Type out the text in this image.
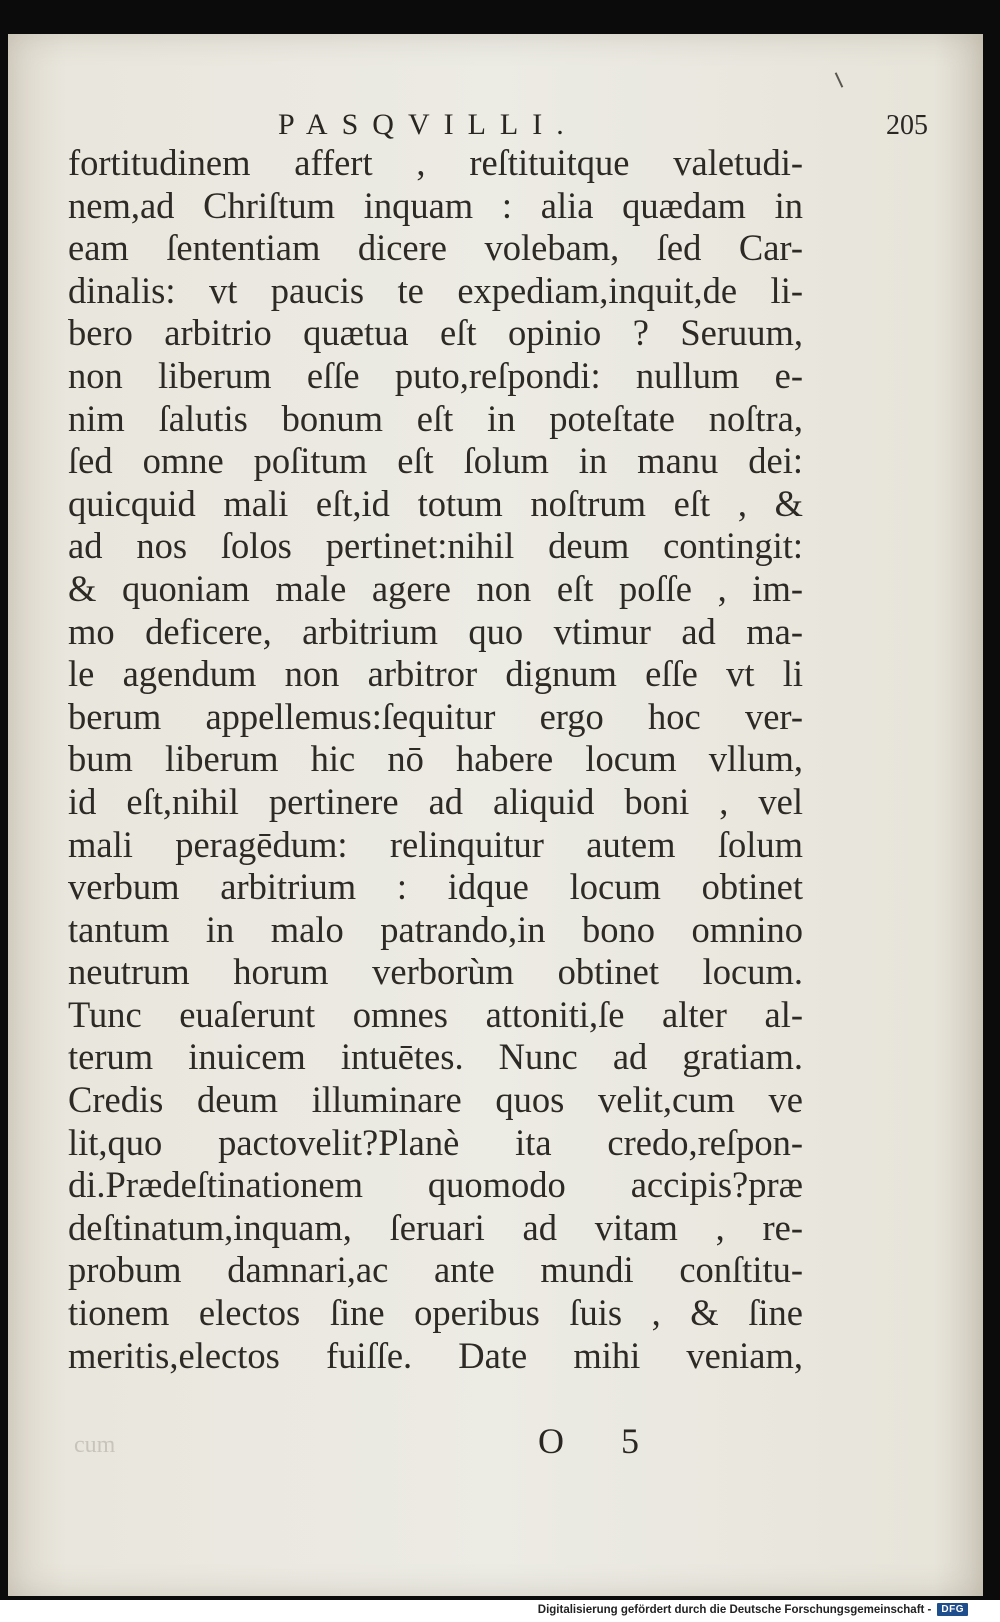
PASQVILLI.	205
fortitudinem affert , reſtituitque valetudi-
nem,ad Chriſtum inquam : alia quædam in
eam ſententiam dicere volebam, ſed Car-
dinalis: vt paucis te expediam,inquit,de li-
bero arbitrio quætua eſt opinio ? Seruum,
non liberum eſſe puto,reſpondi: nullum e-
nim ſalutis bonum eſt in poteſtate noſtra,
ſed omne poſitum eſt ſolum in manu dei:
quicquid mali eſt,id totum noſtrum eſt , &
ad nos ſolos pertinet:nihil deum contingit:
& quoniam male agere non eſt poſſe , im-
mo deficere, arbitrium quo vtimur ad ma-
le agendum non arbitror dignum eſſe vt li
berum appellemus:ſequitur ergo hoc ver-
bum liberum hic nō habere locum vllum,
id eſt,nihil pertinere ad aliquid boni , vel
mali peragēdum: relinquitur autem ſolum
verbum arbitrium : idque locum obtinet
tantum in malo patrando,in bono omnino
neutrum horum verborùm obtinet locum.
Tunc euaſerunt omnes attoniti,ſe alter al-
terum inuicem intuētes. Nunc ad gratiam.
Credis deum illuminare quos velit,cum ve
lit,quo pactovelit?Planè ita credo,reſpon-
di.Prædeſtinationem quomodo accipis?præ
deſtinatum,inquam, ſeruari ad vitam , re-
probum damnari,ac ante mundi conſtitu-
tionem electos ſine operibus ſuis , & ſine
meritis,electos fuiſſe. Date mihi veniam,
cum	O 5
Digitalisierung gefördert durch die Deutsche Forschungsgemeinschaft -	DFG
